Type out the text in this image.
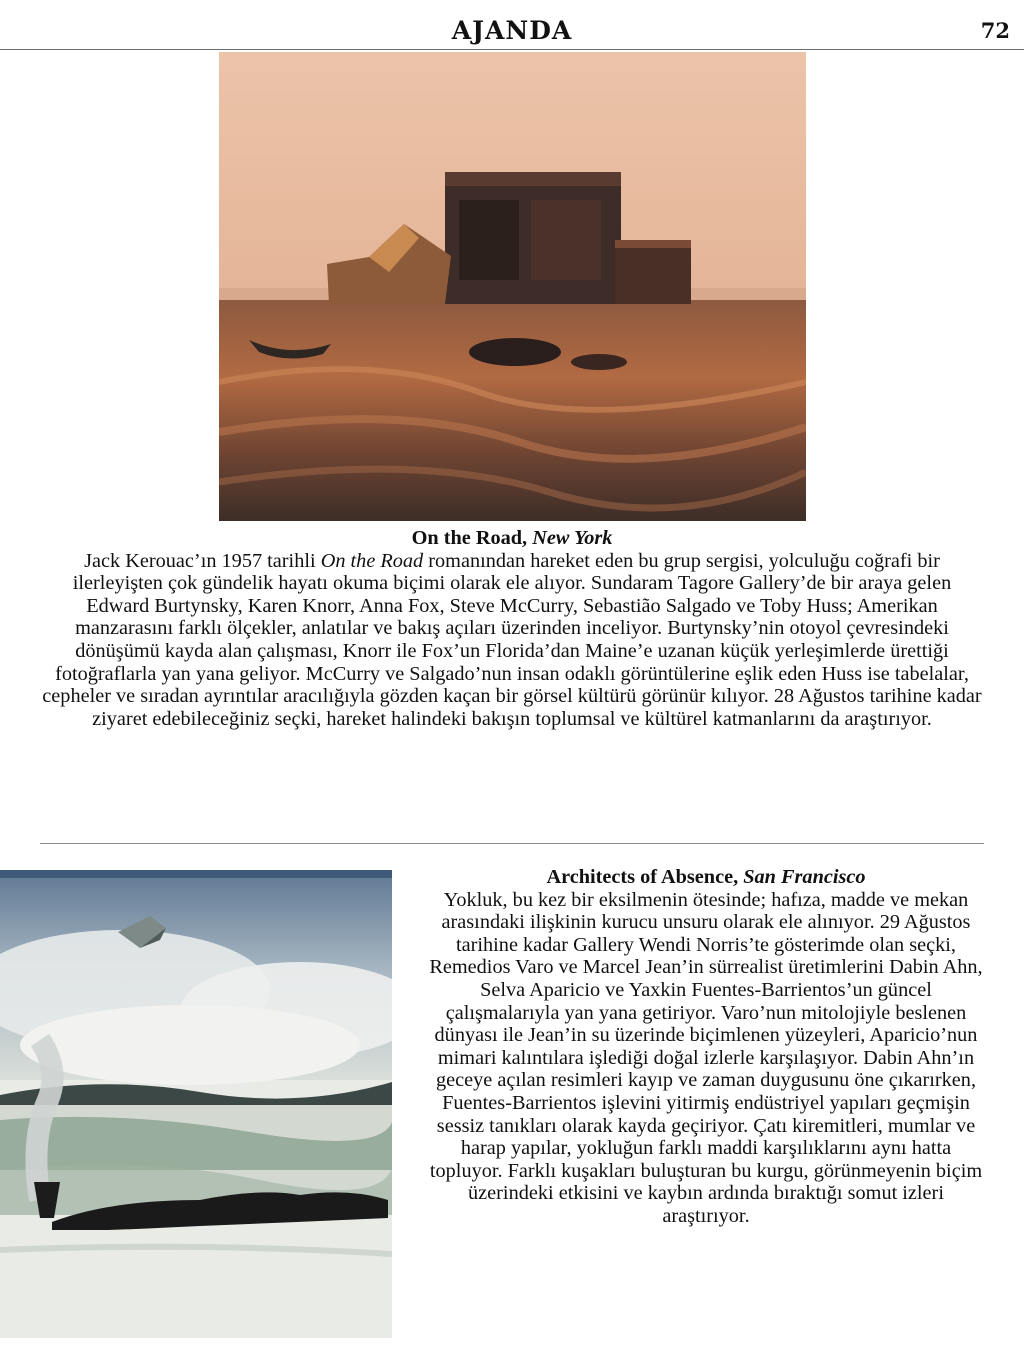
AJANDA	72

On the Road, New York

Jack Kerouac’ın 1957 tarihli On the Road romanından hareket eden bu grup sergisi, yolculuğu coğrafi bir ilerleyişten çok gündelik hayatı okuma biçimi olarak ele alıyor. Sundaram Tagore Gallery’de bir araya gelen Edward Burtynsky, Karen Knorr, Anna Fox, Steve McCurry, Sebastião Salgado ve Toby Huss; Amerikan manzarasını farklı ölçekler, anlatılar ve bakış açıları üzerinden inceliyor. Burtynsky’nin otoyol çevresindeki dönüşümü kayda alan çalışması, Knorr ile Fox’un Florida’dan Maine’e uzanan küçük yerleşimlerde ürettiği fotoğraflarla yan yana geliyor. McCurry ve Salgado’nun insan odaklı görüntülerine eşlik eden Huss ise tabelalar, cepheler ve sıradan ayrıntılar aracılığıyla gözden kaçan bir görsel kültürü görünür kılıyor. 28 Ağustos tarihine kadar ziyaret edebileceğiniz seçki, hareket halindeki bakışın toplumsal ve kültürel katmanlarını da araştırıyor.

Architects of Absence, San Francisco

Yokluk, bu kez bir eksilmenin ötesinde; hafıza, madde ve mekan arasındaki ilişkinin kurucu unsuru olarak ele alınıyor. 29 Ağustos tarihine kadar Gallery Wendi Norris’te gösterimde olan seçki, Remedios Varo ve Marcel Jean’in sürrealist üretimlerini Dabin Ahn, Selva Aparicio ve Yaxkin Fuentes-Barrientos’un güncel çalışmalarıyla yan yana getiriyor. Varo’nun mitolojiyle beslenen dünyası ile Jean’in su üzerinde biçimlenen yüzeyleri, Aparicio’nun mimari kalıntılara işlediği doğal izlerle karşılaşıyor. Dabin Ahn’ın geceye açılan resimleri kayıp ve zaman duygusunu öne çıkarırken, Fuentes-Barrientos işlevini yitirmiş endüstriyel yapıları geçmişin sessiz tanıkları olarak kayda geçiriyor. Çatı kiremitleri, mumlar ve harap yapılar, yokluğun farklı maddi karşılıklarını aynı hatta topluyor. Farklı kuşakları buluşturan bu kurgu, görünmeyenin biçim üzerindeki etkisini ve kaybın ardında bıraktığı somut izleri araştırıyor.
